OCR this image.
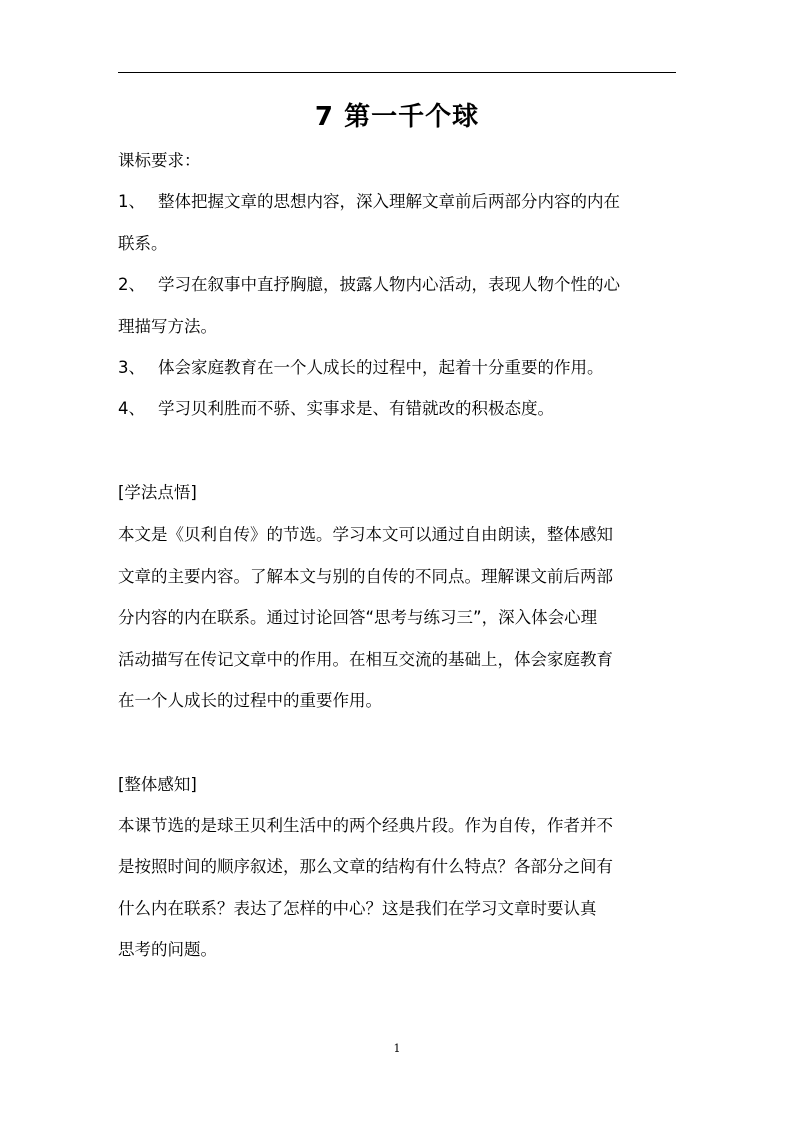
7 第一千个球
课标要求：
1、 整体把握文章的思想内容，深入理解文章前后两部分内容的内在
联系。
2、 学习在叙事中直抒胸臆，披露人物内心活动，表现人物个性的心
理描写方法。
3、 体会家庭教育在一个人成长的过程中，起着十分重要的作用。
4、 学习贝利胜而不骄、实事求是、有错就改的积极态度。
[学法点悟]
本文是《贝利自传》的节选。学习本文可以通过自由朗读，整体感知
文章的主要内容。了解本文与别的自传的不同点。理解课文前后两部
分内容的内在联系。通过讨论回答“思考与练习三”，深入体会心理
活动描写在传记文章中的作用。在相互交流的基础上，体会家庭教育
在一个人成长的过程中的重要作用。
[整体感知]
本课节选的是球王贝利生活中的两个经典片段。作为自传，作者并不
是按照时间的顺序叙述，那么文章的结构有什么特点？各部分之间有
什么内在联系？表达了怎样的中心？这是我们在学习文章时要认真
思考的问题。
1
